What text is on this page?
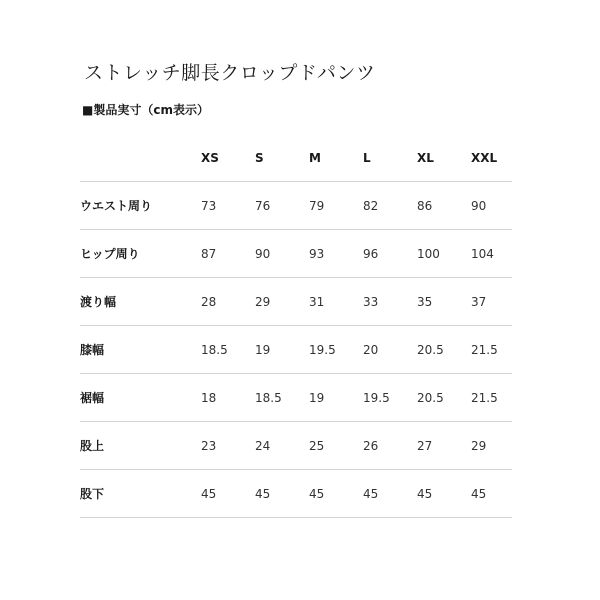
ストレッチ脚長クロップドパンツ
■製品実寸（cm表示）
	XS	S	M	L	XL	XXL
ウエスト周り	73	76	79	82	86	90
ヒップ周り	87	90	93	96	100	104
渡り幅	28	29	31	33	35	37
膝幅	18.5	19	19.5	20	20.5	21.5
裾幅	18	18.5	19	19.5	20.5	21.5
股上	23	24	25	26	27	29
股下	45	45	45	45	45	45
